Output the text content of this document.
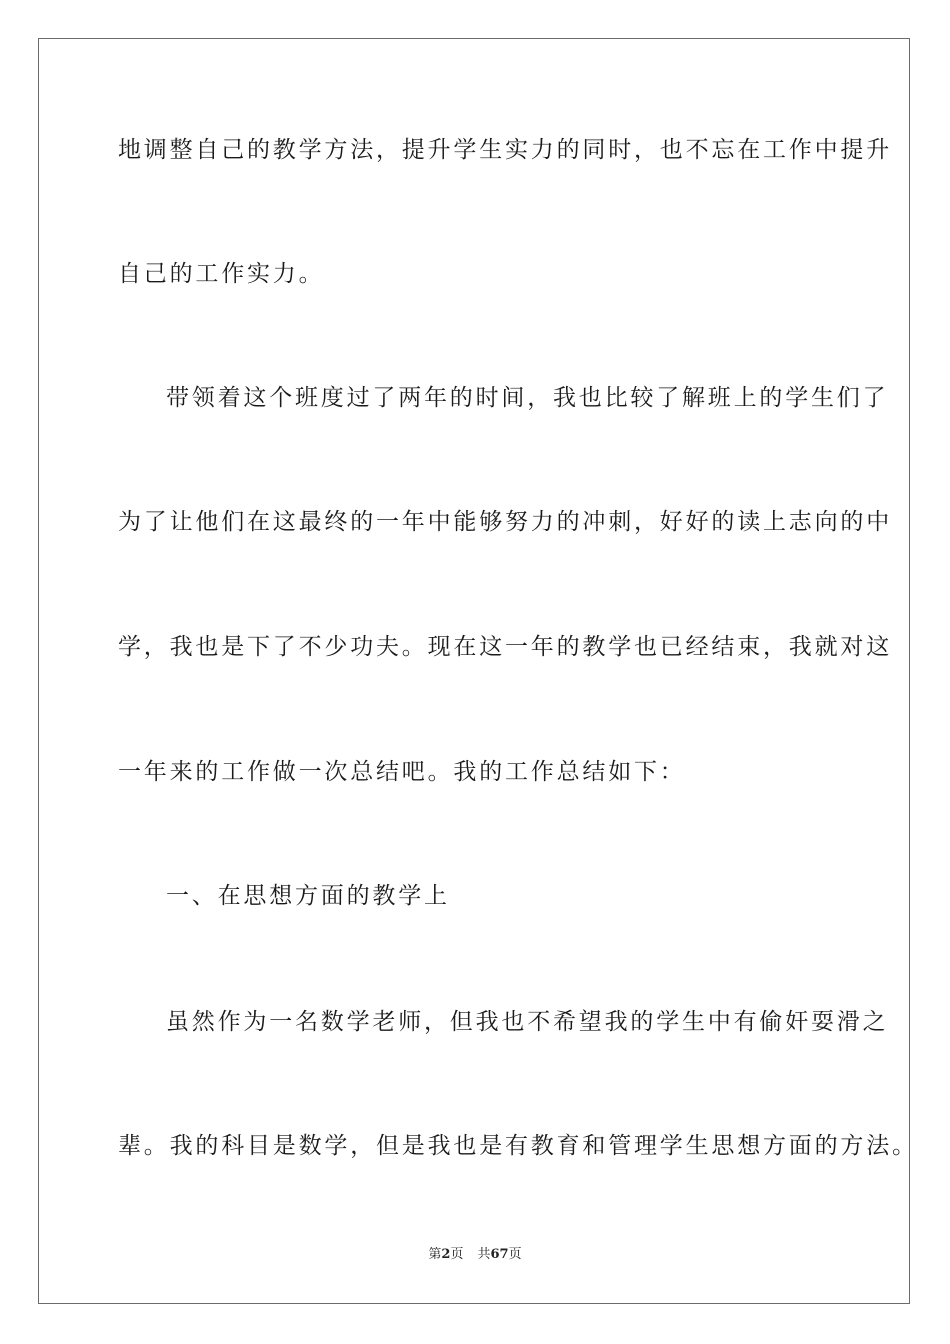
地调整自己的教学方法，提升学生实力的同时，也不忘在工作中提升
自己的工作实力。
带领着这个班度过了两年的时间，我也比较了解班上的学生们了
为了让他们在这最终的一年中能够努力的冲刺，好好的读上志向的中
学，我也是下了不少功夫。现在这一年的教学也已经结束，我就对这
一年来的工作做一次总结吧。我的工作总结如下：
一、在思想方面的教学上
虽然作为一名数学老师，但我也不希望我的学生中有偷奸耍滑之
辈。我的科目是数学，但是我也是有教育和管理学生思想方面的方法。
第2页 共67页
